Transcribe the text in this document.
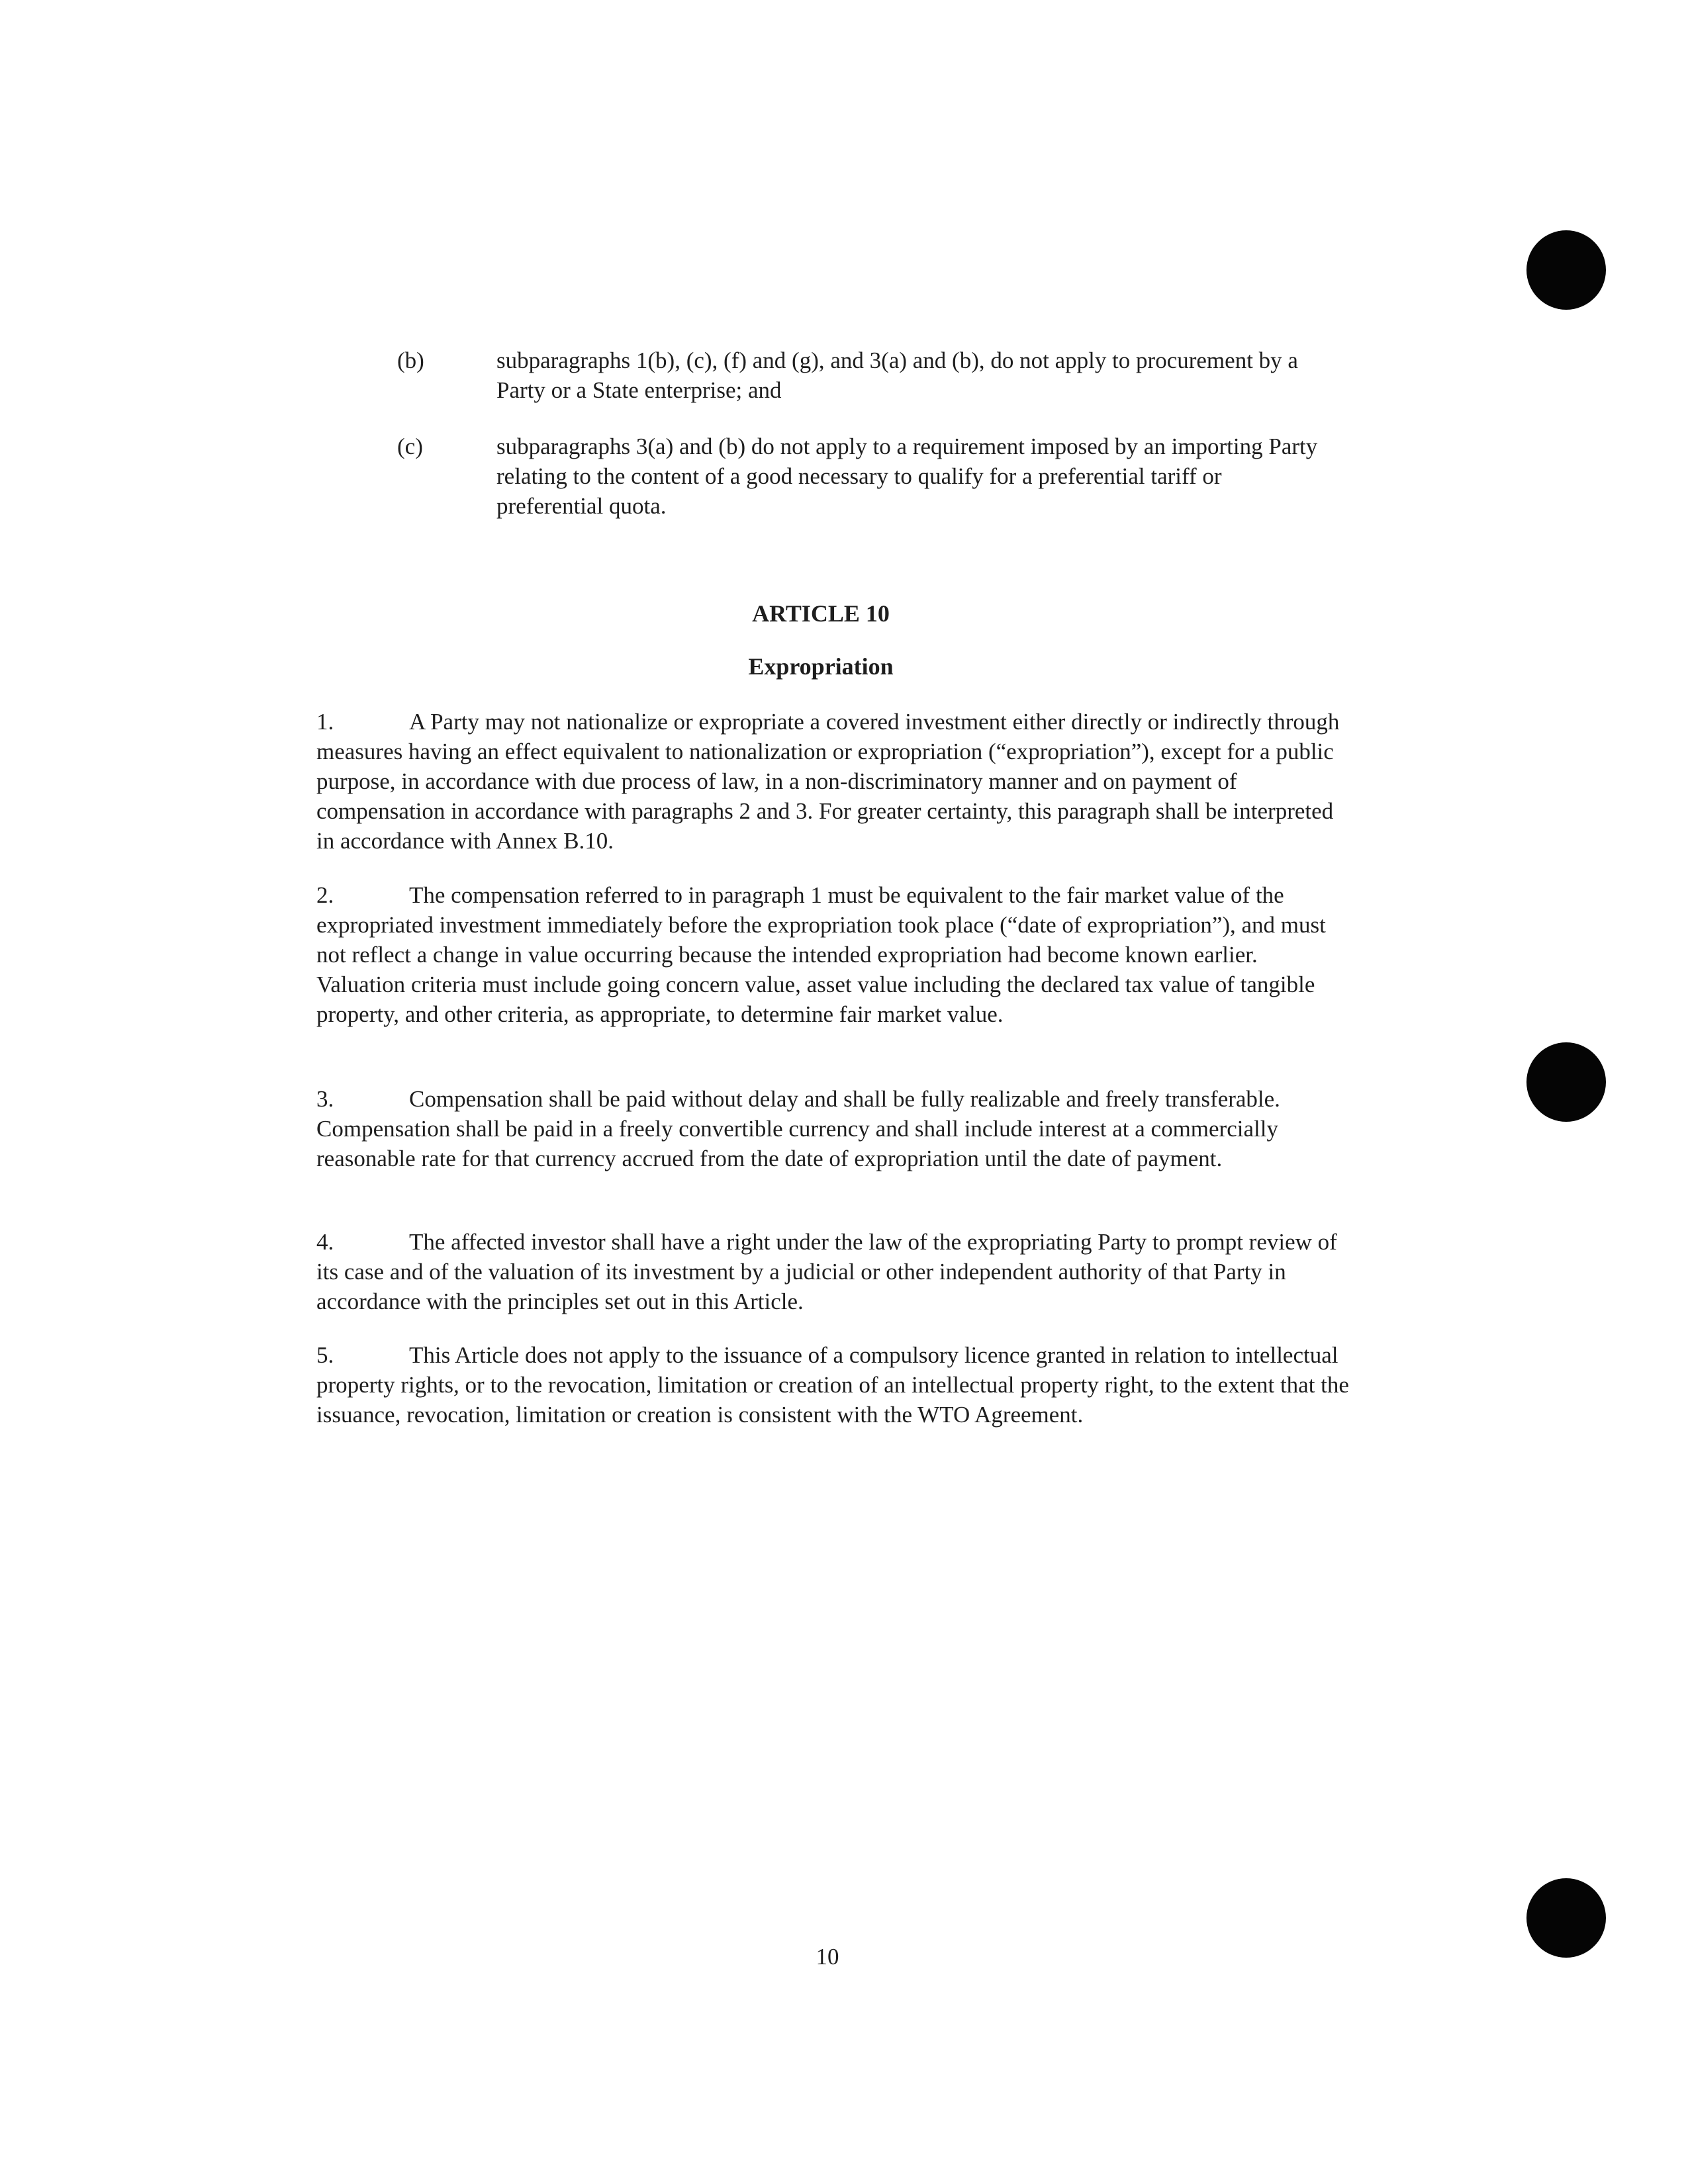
(b)	subparagraphs 1(b), (c), (f) and (g), and 3(a) and (b), do not apply to procurement by a Party or a State enterprise; and
(c)	subparagraphs 3(a) and (b) do not apply to a requirement imposed by an importing Party relating to the content of a good necessary to qualify for a preferential tariff or preferential quota.
ARTICLE 10
Expropriation
1.	A Party may not nationalize or expropriate a covered investment either directly or indirectly through measures having an effect equivalent to nationalization or expropriation (“expropriation”), except for a public purpose, in accordance with due process of law, in a non-discriminatory manner and on payment of compensation in accordance with paragraphs 2 and 3. For greater certainty, this paragraph shall be interpreted in accordance with Annex B.10.
2.	The compensation referred to in paragraph 1 must be equivalent to the fair market value of the expropriated investment immediately before the expropriation took place (“date of expropriation”), and must not reflect a change in value occurring because the intended expropriation had become known earlier. Valuation criteria must include going concern value, asset value including the declared tax value of tangible property, and other criteria, as appropriate, to determine fair market value.
3.	Compensation shall be paid without delay and shall be fully realizable and freely transferable. Compensation shall be paid in a freely convertible currency and shall include interest at a commercially reasonable rate for that currency accrued from the date of expropriation until the date of payment.
4.	The affected investor shall have a right under the law of the expropriating Party to prompt review of its case and of the valuation of its investment by a judicial or other independent authority of that Party in accordance with the principles set out in this Article.
5.	This Article does not apply to the issuance of a compulsory licence granted in relation to intellectual property rights, or to the revocation, limitation or creation of an intellectual property right, to the extent that the issuance, revocation, limitation or creation is consistent with the WTO Agreement.
10
